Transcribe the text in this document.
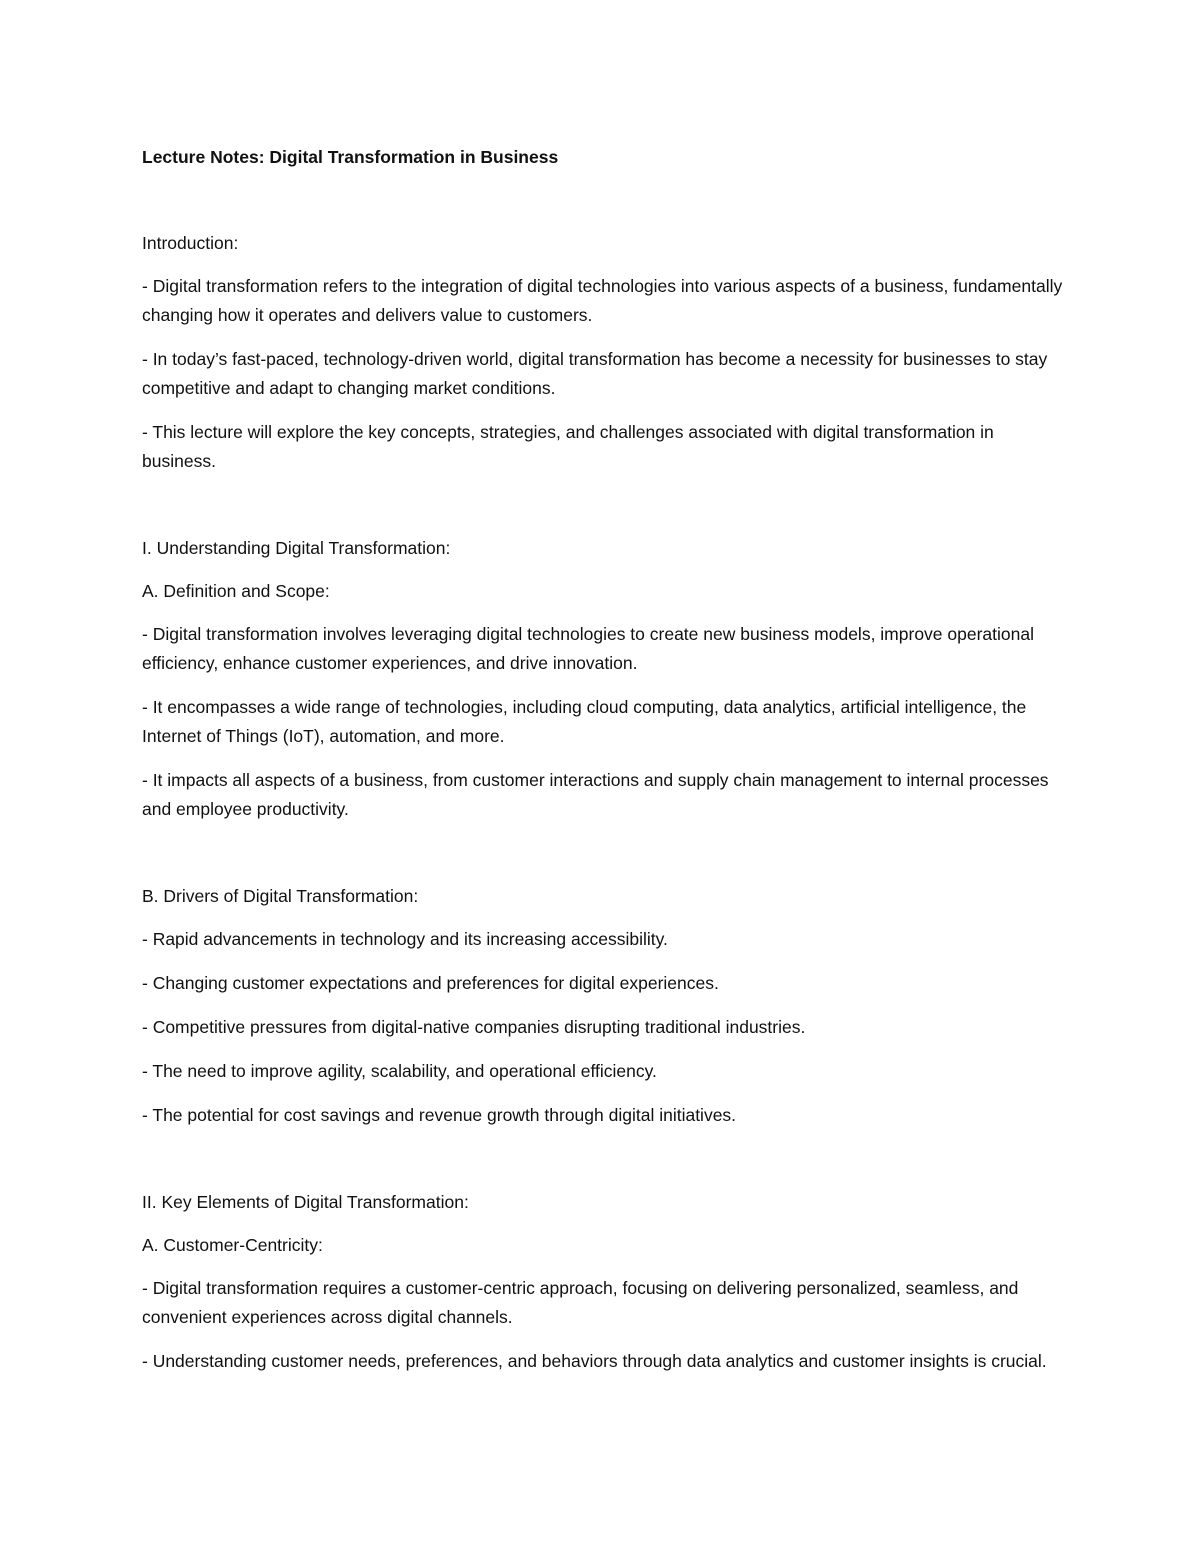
Lecture Notes: Digital Transformation in Business
Introduction:
- Digital transformation refers to the integration of digital technologies into various aspects of a business, fundamentally changing how it operates and delivers value to customers.
- In today’s fast-paced, technology-driven world, digital transformation has become a necessity for businesses to stay competitive and adapt to changing market conditions.
- This lecture will explore the key concepts, strategies, and challenges associated with digital transformation in business.
I. Understanding Digital Transformation:
A. Definition and Scope:
- Digital transformation involves leveraging digital technologies to create new business models, improve operational efficiency, enhance customer experiences, and drive innovation.
- It encompasses a wide range of technologies, including cloud computing, data analytics, artificial intelligence, the Internet of Things (IoT), automation, and more.
- It impacts all aspects of a business, from customer interactions and supply chain management to internal processes and employee productivity.
B. Drivers of Digital Transformation:
- Rapid advancements in technology and its increasing accessibility.
- Changing customer expectations and preferences for digital experiences.
- Competitive pressures from digital-native companies disrupting traditional industries.
- The need to improve agility, scalability, and operational efficiency.
- The potential for cost savings and revenue growth through digital initiatives.
II. Key Elements of Digital Transformation:
A. Customer-Centricity:
- Digital transformation requires a customer-centric approach, focusing on delivering personalized, seamless, and convenient experiences across digital channels.
- Understanding customer needs, preferences, and behaviors through data analytics and customer insights is crucial.
